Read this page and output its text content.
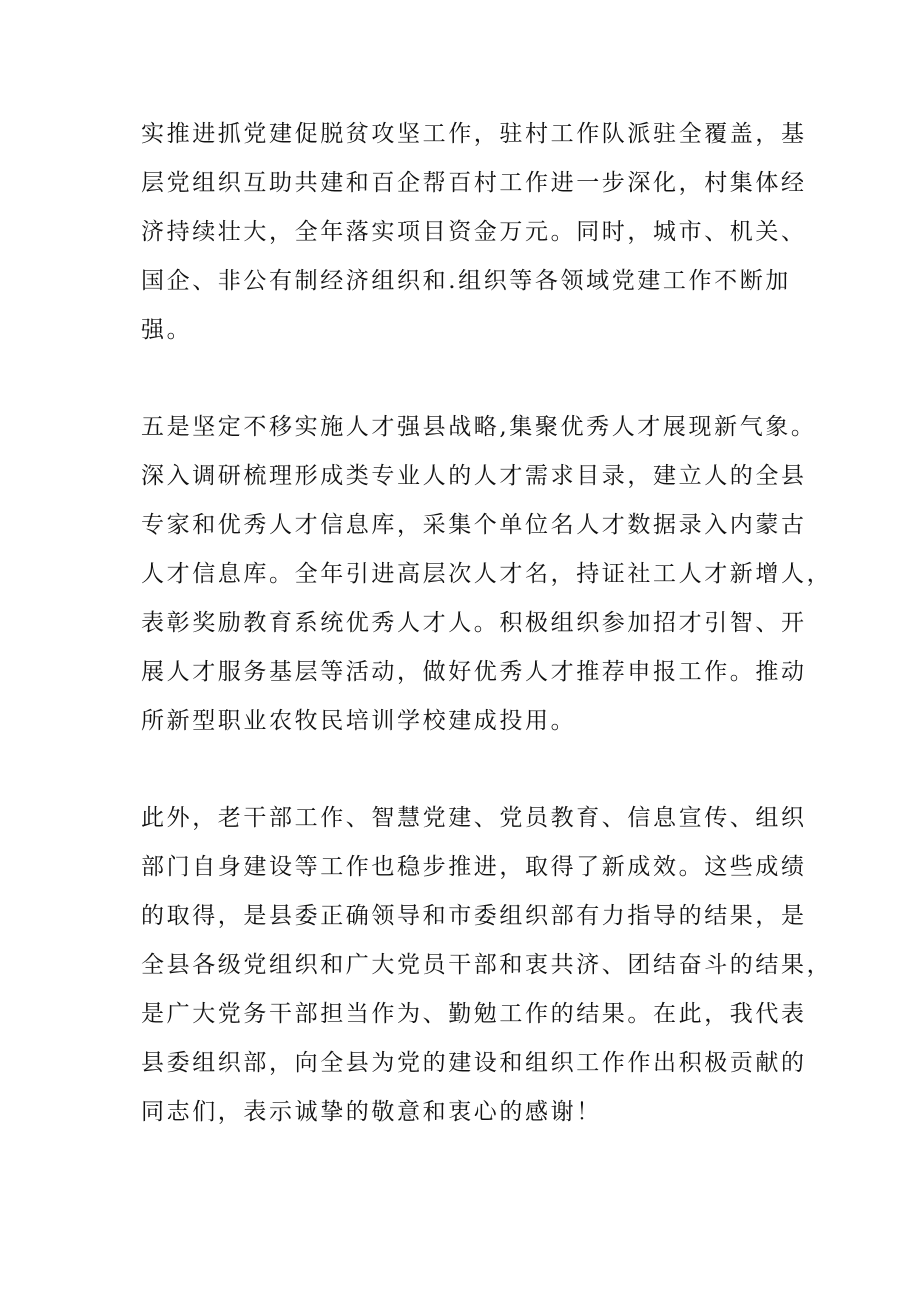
实推进抓党建促脱贫攻坚工作，驻村工作队派驻全覆盖，基
层党组织互助共建和百企帮百村工作进一步深化，村集体经
济持续壮大，全年落实项目资金万元。同时，城市、机关、
国企、非公有制经济组织和.组织等各领域党建工作不断加
强。
五是坚定不移实施人才强县战略,集聚优秀人才展现新气象。
深入调研梳理形成类专业人的人才需求目录，建立人的全县
专家和优秀人才信息库，采集个单位名人才数据录入内蒙古
人才信息库。全年引进高层次人才名，持证社工人才新增人，
表彰奖励教育系统优秀人才人。积极组织参加招才引智、开
展人才服务基层等活动，做好优秀人才推荐申报工作。推动
所新型职业农牧民培训学校建成投用。
此外，老干部工作、智慧党建、党员教育、信息宣传、组织
部门自身建设等工作也稳步推进，取得了新成效。这些成绩
的取得，是县委正确领导和市委组织部有力指导的结果，是
全县各级党组织和广大党员干部和衷共济、团结奋斗的结果，
是广大党务干部担当作为、勤勉工作的结果。在此，我代表
县委组织部，向全县为党的建设和组织工作作出积极贡献的
同志们，表示诚挚的敬意和衷心的感谢！
